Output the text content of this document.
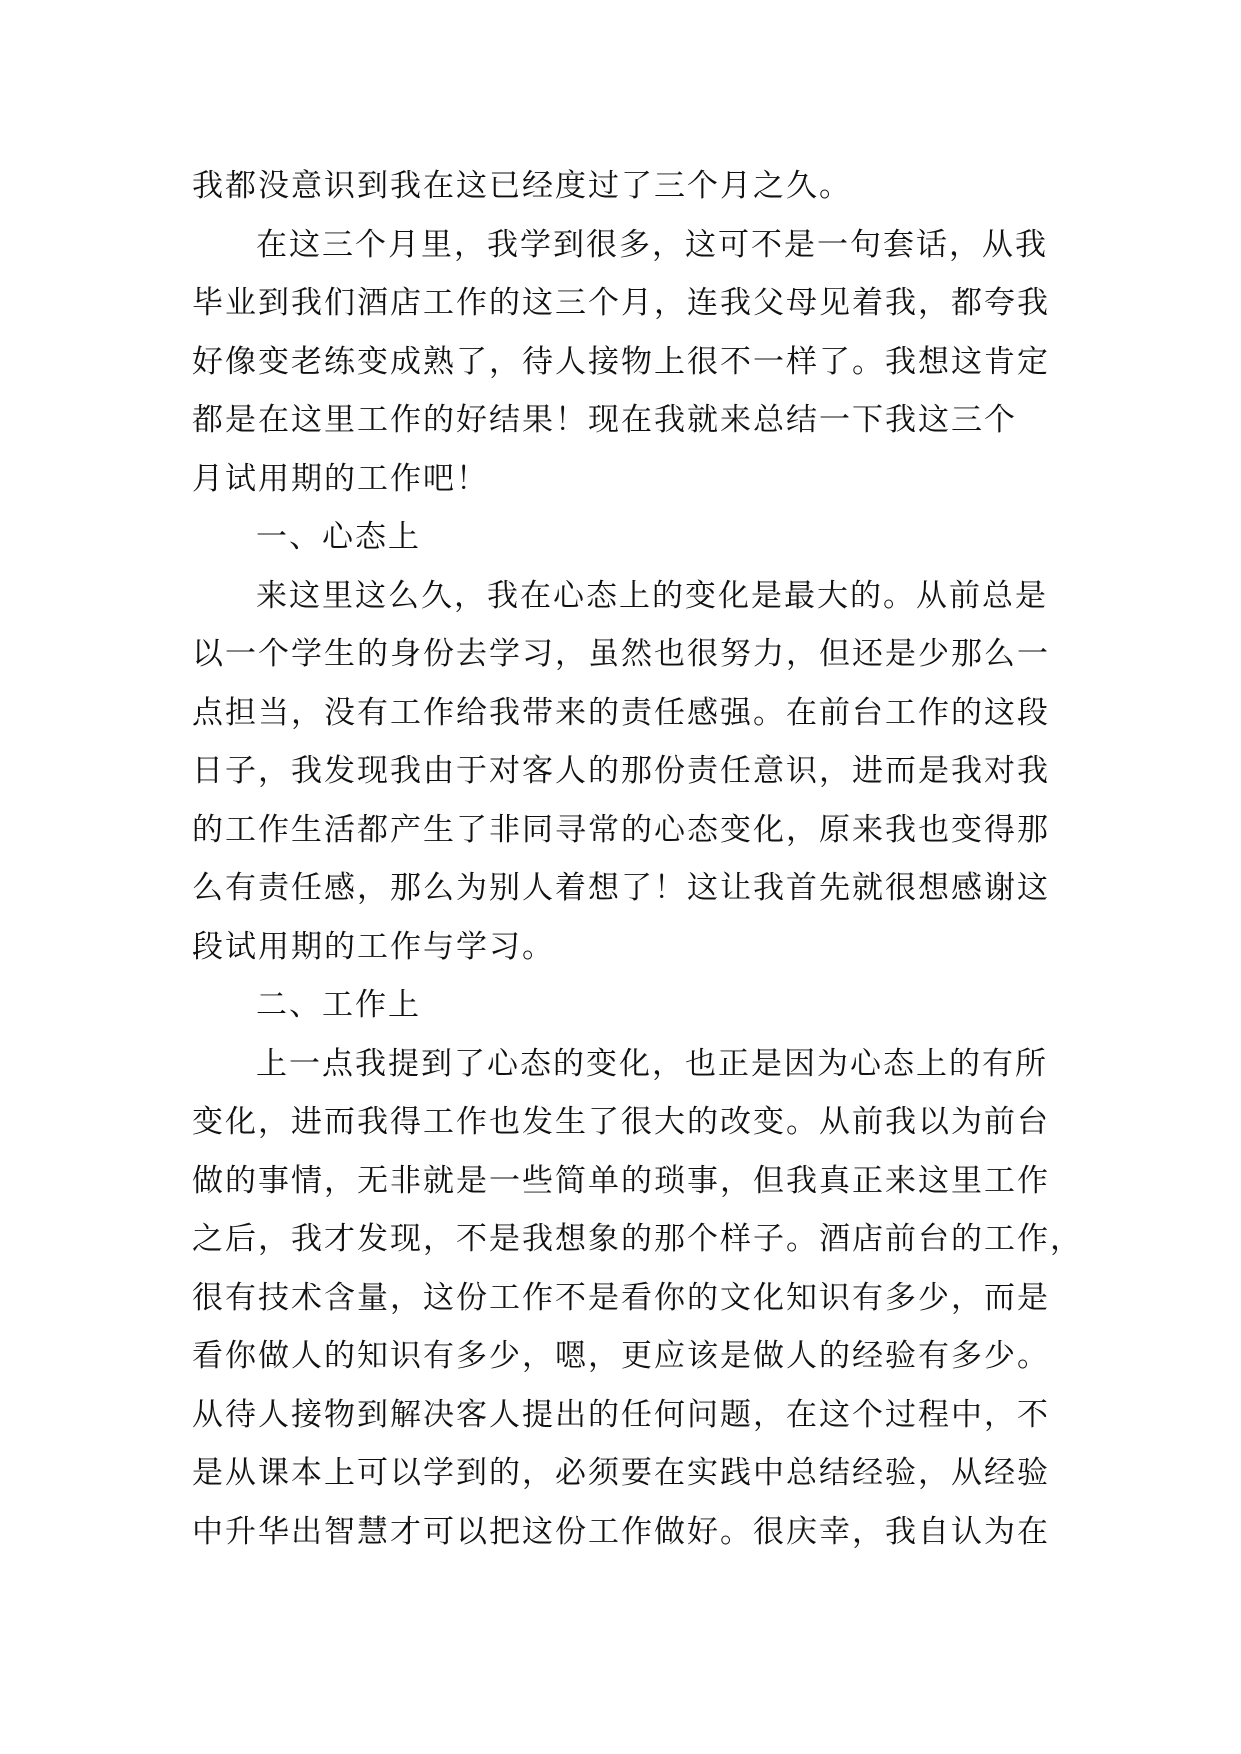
我都没意识到我在这已经度过了三个月之久。
在这三个月里，我学到很多，这可不是一句套话，从我
毕业到我们酒店工作的这三个月，连我父母见着我，都夸我
好像变老练变成熟了，待人接物上很不一样了。我想这肯定
都是在这里工作的好结果！现在我就来总结一下我这三个
月试用期的工作吧！
一、心态上
来这里这么久，我在心态上的变化是最大的。从前总是
以一个学生的身份去学习，虽然也很努力，但还是少那么一
点担当，没有工作给我带来的责任感强。在前台工作的这段
日子，我发现我由于对客人的那份责任意识，进而是我对我
的工作生活都产生了非同寻常的心态变化，原来我也变得那
么有责任感，那么为别人着想了！这让我首先就很想感谢这
段试用期的工作与学习。
二、工作上
上一点我提到了心态的变化，也正是因为心态上的有所
变化，进而我得工作也发生了很大的改变。从前我以为前台
做的事情，无非就是一些简单的琐事，但我真正来这里工作
之后，我才发现，不是我想象的那个样子。酒店前台的工作，
很有技术含量，这份工作不是看你的文化知识有多少，而是
看你做人的知识有多少，嗯，更应该是做人的经验有多少。
从待人接物到解决客人提出的任何问题，在这个过程中，不
是从课本上可以学到的，必须要在实践中总结经验，从经验
中升华出智慧才可以把这份工作做好。很庆幸，我自认为在
